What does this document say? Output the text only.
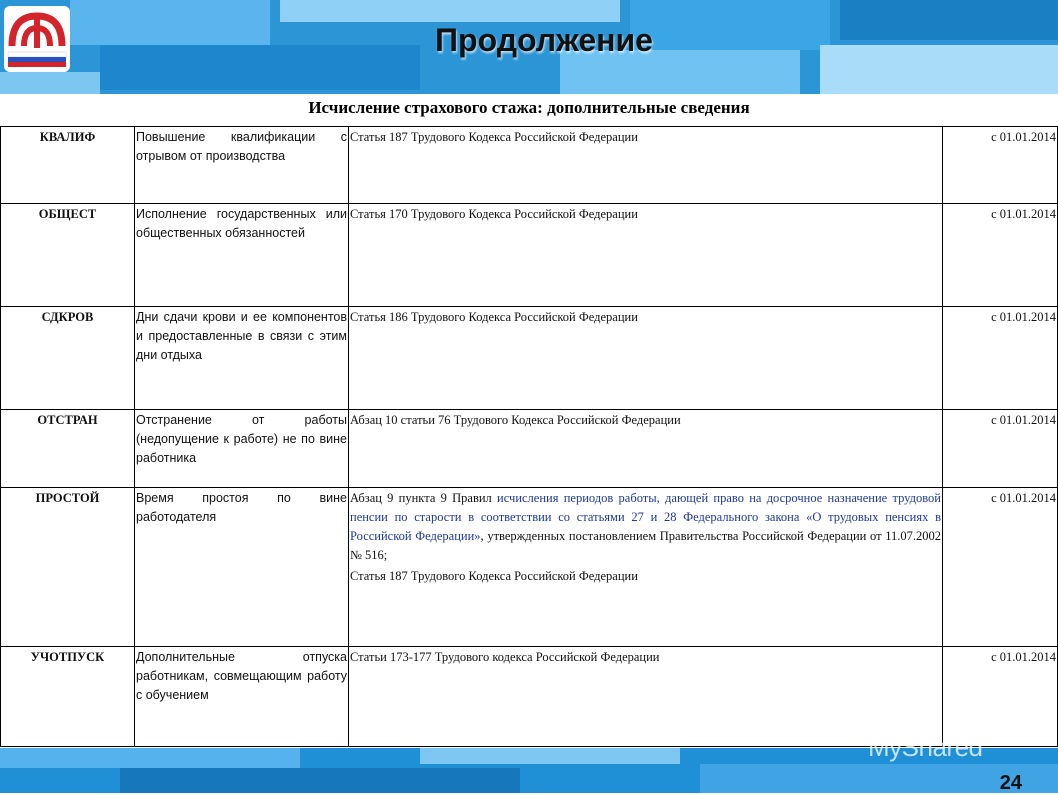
Продолжение
Исчисление страхового стажа: дополнительные сведения
КВАЛИФ	Повышение квалификации с отрывом от производства	Статья 187 Трудового Кодекса Российской Федерации	с 01.01.2014
ОБЩЕСТ	Исполнение государственных или общественных обязанностей	Статья 170 Трудового Кодекса Российской Федерации	с 01.01.2014
СДКРОВ	Дни сдачи крови и ее компонентов и предоставленные в связи с этим дни отдыха	Статья 186 Трудового Кодекса Российской Федерации	с 01.01.2014
ОТСТРАН	Отстранение от работы (недопущение к работе) не по вине работника	Абзац 10 статьи 76 Трудового Кодекса Российской Федерации	с 01.01.2014
ПРОСТОЙ	Время простоя по вине работодателя	Абзац 9 пункта 9 Правил исчисления периодов работы, дающей право на досрочное назначение трудовой пенсии по старости в соответствии со статьями 27 и 28 Федерального закона «О трудовых пенсиях в Российской Федерации», утвержденных постановлением Правительства Российской Федерации от 11.07.2002 № 516;
Статья 187 Трудового Кодекса Российской Федерации	с 01.01.2014
УЧОТПУСК	Дополнительные отпуска работникам, совмещающим работу с обучением	Статьи 173-177 Трудового кодекса Российской Федерации	с 01.01.2014
MyShared
24
